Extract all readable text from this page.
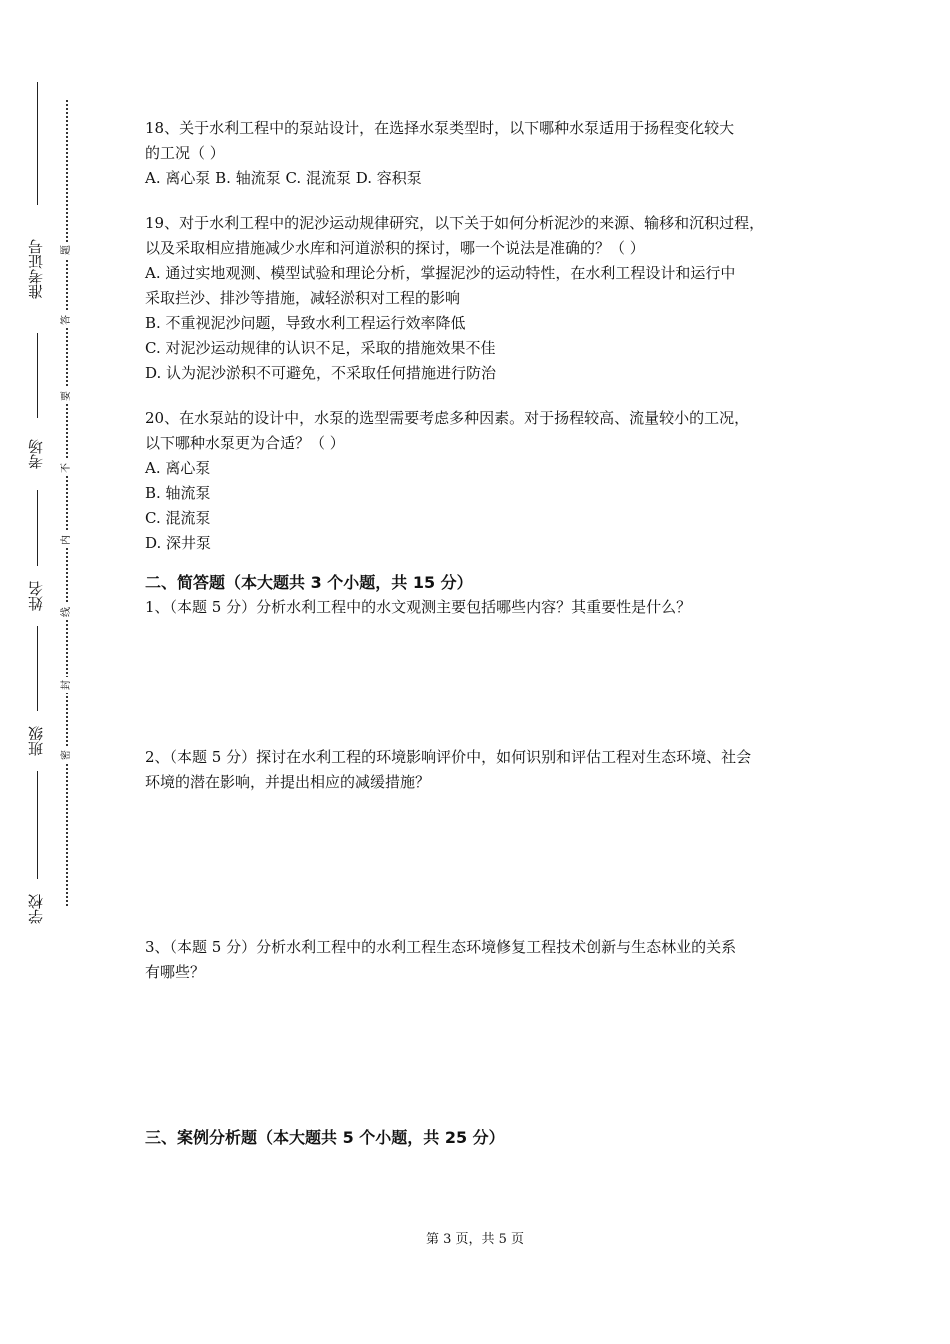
准考证号
考场
姓名
班级
学校
题
答
要
不
内
线
封
密
18、关于水利工程中的泵站设计，在选择水泵类型时，以下哪种水泵适用于扬程变化较大
的工况（ ）
A. 离心泵 B. 轴流泵 C. 混流泵 D. 容积泵
19、对于水利工程中的泥沙运动规律研究，以下关于如何分析泥沙的来源、输移和沉积过程，
以及采取相应措施减少水库和河道淤积的探讨，哪一个说法是准确的？（ ）
A. 通过实地观测、模型试验和理论分析，掌握泥沙的运动特性，在水利工程设计和运行中
采取拦沙、排沙等措施，减轻淤积对工程的影响
B. 不重视泥沙问题，导致水利工程运行效率降低
C. 对泥沙运动规律的认识不足，采取的措施效果不佳
D. 认为泥沙淤积不可避免，不采取任何措施进行防治
20、在水泵站的设计中，水泵的选型需要考虑多种因素。对于扬程较高、流量较小的工况，
以下哪种水泵更为合适？（ ）
A. 离心泵
B. 轴流泵
C. 混流泵
D. 深井泵
二、简答题（本大题共 3 个小题，共 15 分）
1、（本题 5 分）分析水利工程中的水文观测主要包括哪些内容？其重要性是什么？
2、（本题 5 分）探讨在水利工程的环境影响评价中，如何识别和评估工程对生态环境、社会
环境的潜在影响，并提出相应的减缓措施？
3、（本题 5 分）分析水利工程中的水利工程生态环境修复工程技术创新与生态林业的关系
有哪些？
三、案例分析题（本大题共 5 个小题，共 25 分）
第 3 页，共 5 页
